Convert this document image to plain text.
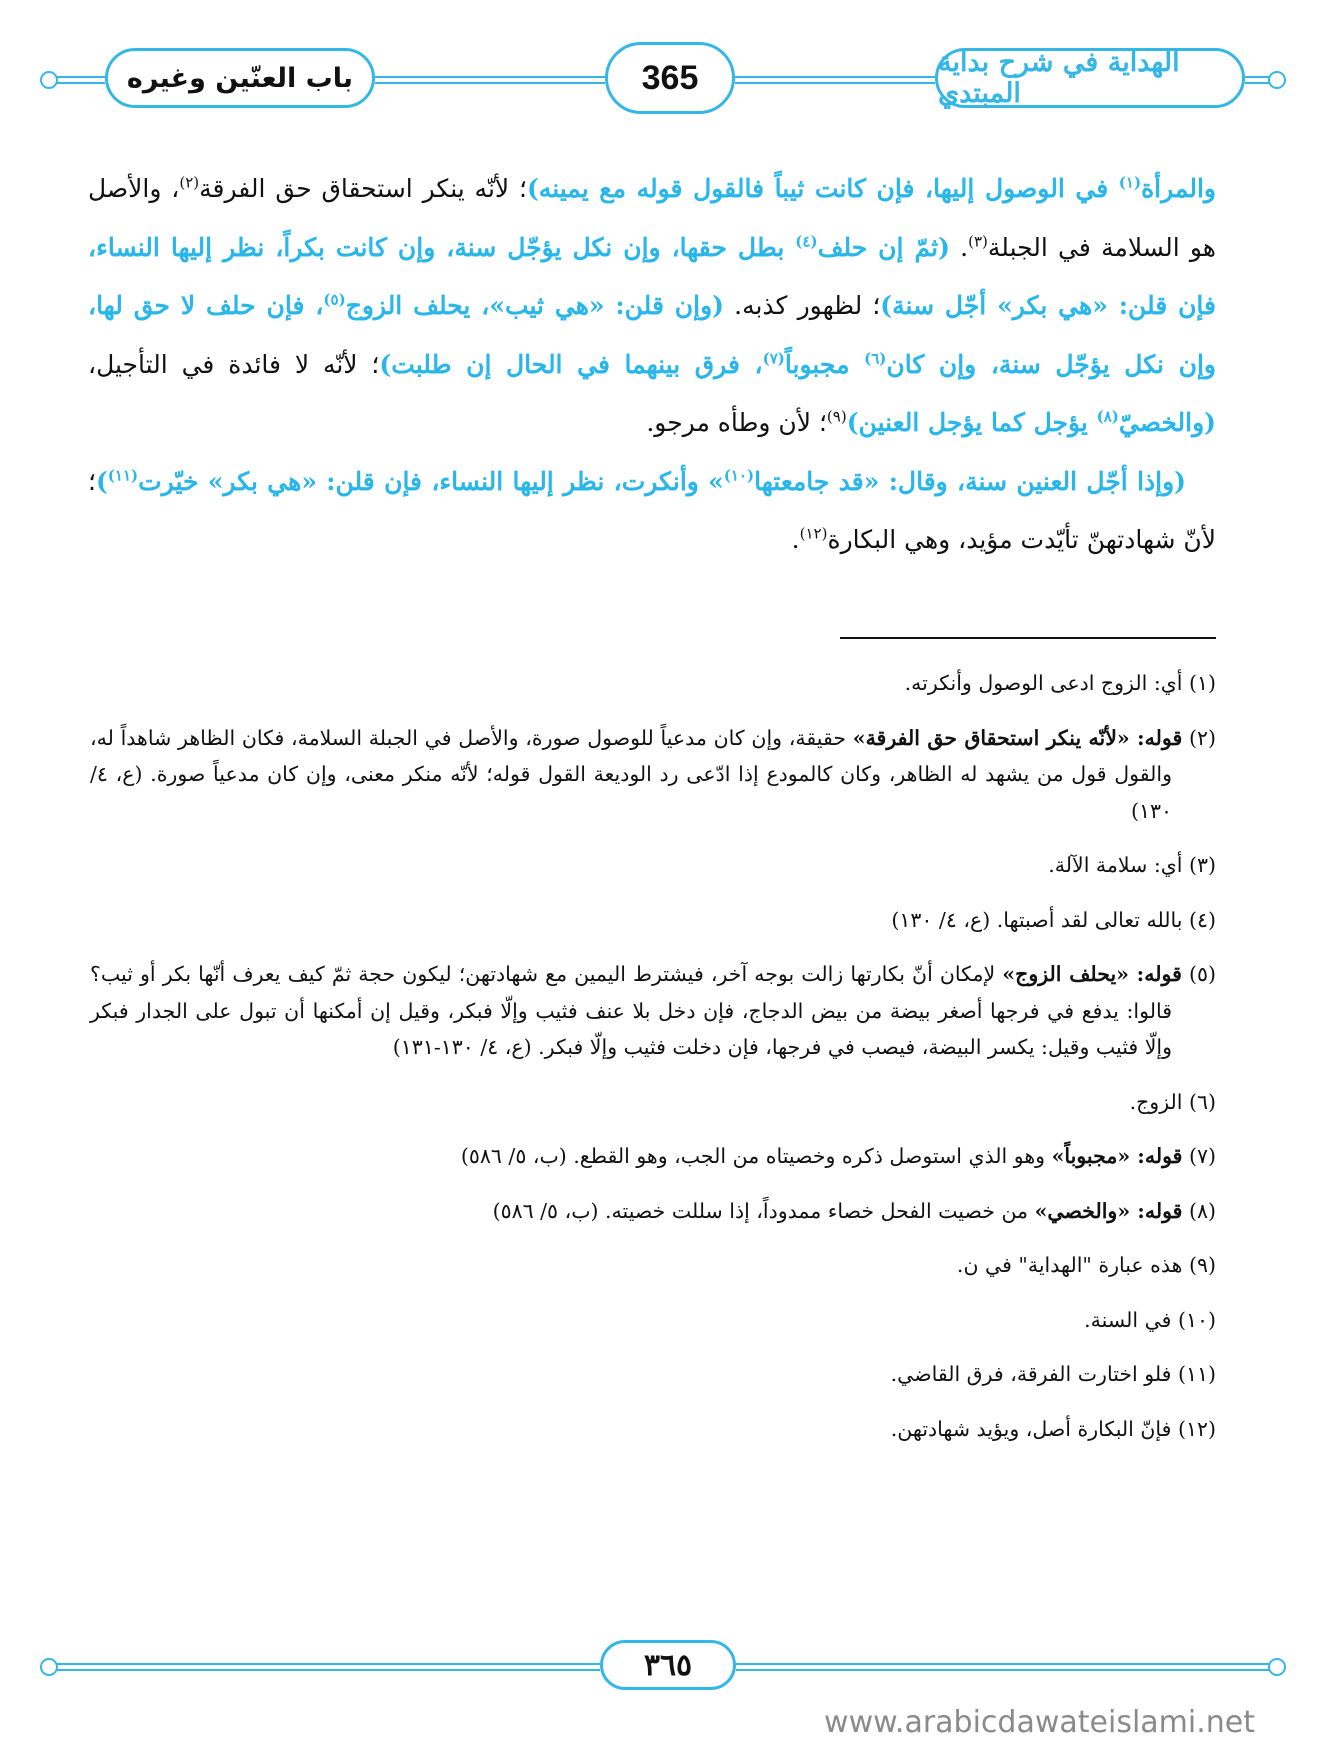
الهداية في شرح بداية المبتدي
365
باب العنّين وغيره

والمرأة$^{(١)}$ في الوصول إليها، فإن كانت ثيباً فالقول قوله مع يمينه)؛ لأنّه ينكر استحقاق حق الفرقة$^{(٢)}$، والأصل هو السلامة في الجبلة$^{(٣)}$. (ثمّ إن حلف$^{(٤)}$ بطل حقها، وإن نكل يؤجّل سنة، وإن كانت بكراً، نظر إليها النساء، فإن قلن: «هي بكر» أجّل سنة)؛ لظهور كذبه. (وإن قلن: «هي ثيب»، يحلف الزوج$^{(٥)}$، فإن حلف لا حق لها، وإن نكل يؤجّل سنة، وإن كان$^{(٦)}$ مجبوباً$^{(٧)}$، فرق بينهما في الحال إن طلبت)؛ لأنّه لا فائدة في التأجيل، (والخصيّ$^{(٨)}$ يؤجل كما يؤجل العنين)$^{(٩)}$؛ لأن وطأه مرجو.

(وإذا أجّل العنين سنة، وقال: «قد جامعتها$^{(١٠)}$» وأنكرت، نظر إليها النساء، فإن قلن: «هي بكر» خيّرت$^{(١١)}$)؛ لأنّ شهادتهنّ تأيّدت مؤيد، وهي البكارة$^{(١٢)}$.

(١) أي: الزوج ادعى الوصول وأنكرته.
(٢) قوله: «لأنّه ينكر استحقاق حق الفرقة» حقيقة، وإن كان مدعياً للوصول صورة، والأصل في الجبلة السلامة، فكان الظاهر شاهداً له، والقول قول من يشهد له الظاهر، وكان كالمودع إذا ادّعى رد الوديعة القول قوله؛ لأنّه منكر معنى، وإن كان مدعياً صورة. (ع، ٤/ ١٣٠)
(٣) أي: سلامة الآلة.
(٤) بالله تعالى لقد أصبتها. (ع، ٤/ ١٣٠)
(٥) قوله: «يحلف الزوج» لإمكان أنّ بكارتها زالت بوجه آخر، فيشترط اليمين مع شهادتهن؛ ليكون حجة ثمّ كيف يعرف أنّها بكر أو ثيب؟ قالوا: يدفع في فرجها أصغر بيضة من بيض الدجاج، فإن دخل بلا عنف فثيب وإلّا فبكر، وقيل إن أمكنها أن تبول على الجدار فبكر وإلّا فثيب وقيل: يكسر البيضة، فيصب في فرجها، فإن دخلت فثيب وإلّا فبكر. (ع، ٤/ ١٣٠-١٣١)
(٦) الزوج.
(٧) قوله: «مجبوباً» وهو الذي استوصل ذكره وخصيتاه من الجب، وهو القطع. (ب، ٥/ ٥٨٦)
(٨) قوله: «والخصي» من خصيت الفحل خصاء ممدوداً، إذا سللت خصيته. (ب، ٥/ ٥٨٦)
(٩) هذه عبارة "الهداية" في ن.
(١٠) في السنة.
(١١) فلو اختارت الفرقة، فرق القاضي.
(١٢) فإنّ البكارة أصل، ويؤيد شهادتهن.
٣٦٥
www.arabicdawateislami.net
